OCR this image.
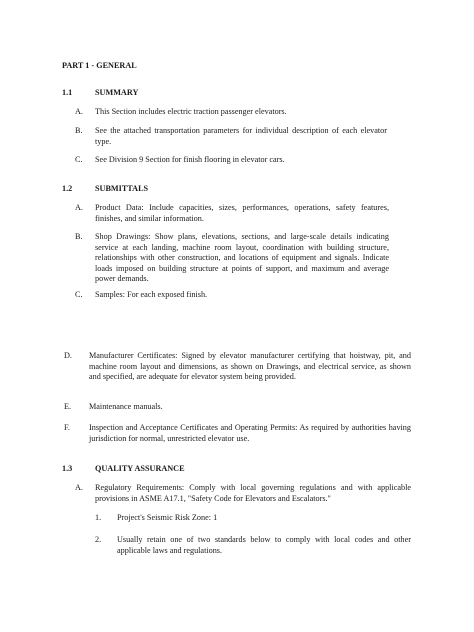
PART 1 - GENERAL
1.1	SUMMARY
A. This Section includes electric traction passenger elevators.
B. See the attached transportation parameters for individual description of each elevator type.
C. See Division 9 Section for finish flooring in elevator cars.
1.2	SUBMITTALS
A. Product Data: Include capacities, sizes, performances, operations, safety features, finishes, and similar information.
B. Shop Drawings: Show plans, elevations, sections, and large-scale details indicating service at each landing, machine room layout, coordination with building structure, relationships with other construction, and locations of equipment and signals. Indicate loads imposed on building structure at points of support, and maximum and average power demands.
C. Samples: For each exposed finish.
D. Manufacturer Certificates: Signed by elevator manufacturer certifying that hoistway, pit, and machine room layout and dimensions, as shown on Drawings, and electrical service, as shown and specified, are adequate for elevator system being provided.
E. Maintenance manuals.
F. Inspection and Acceptance Certificates and Operating Permits: As required by authorities having jurisdiction for normal, unrestricted elevator use.
1.3	QUALITY ASSURANCE
A. Regulatory Requirements: Comply with local governing regulations and with applicable provisions in ASME A17.1, "Safety Code for Elevators and Escalators."
1. Project's Seismic Risk Zone: 1
2. Usually retain one of two standards below to comply with local codes and other applicable laws and regulations.
